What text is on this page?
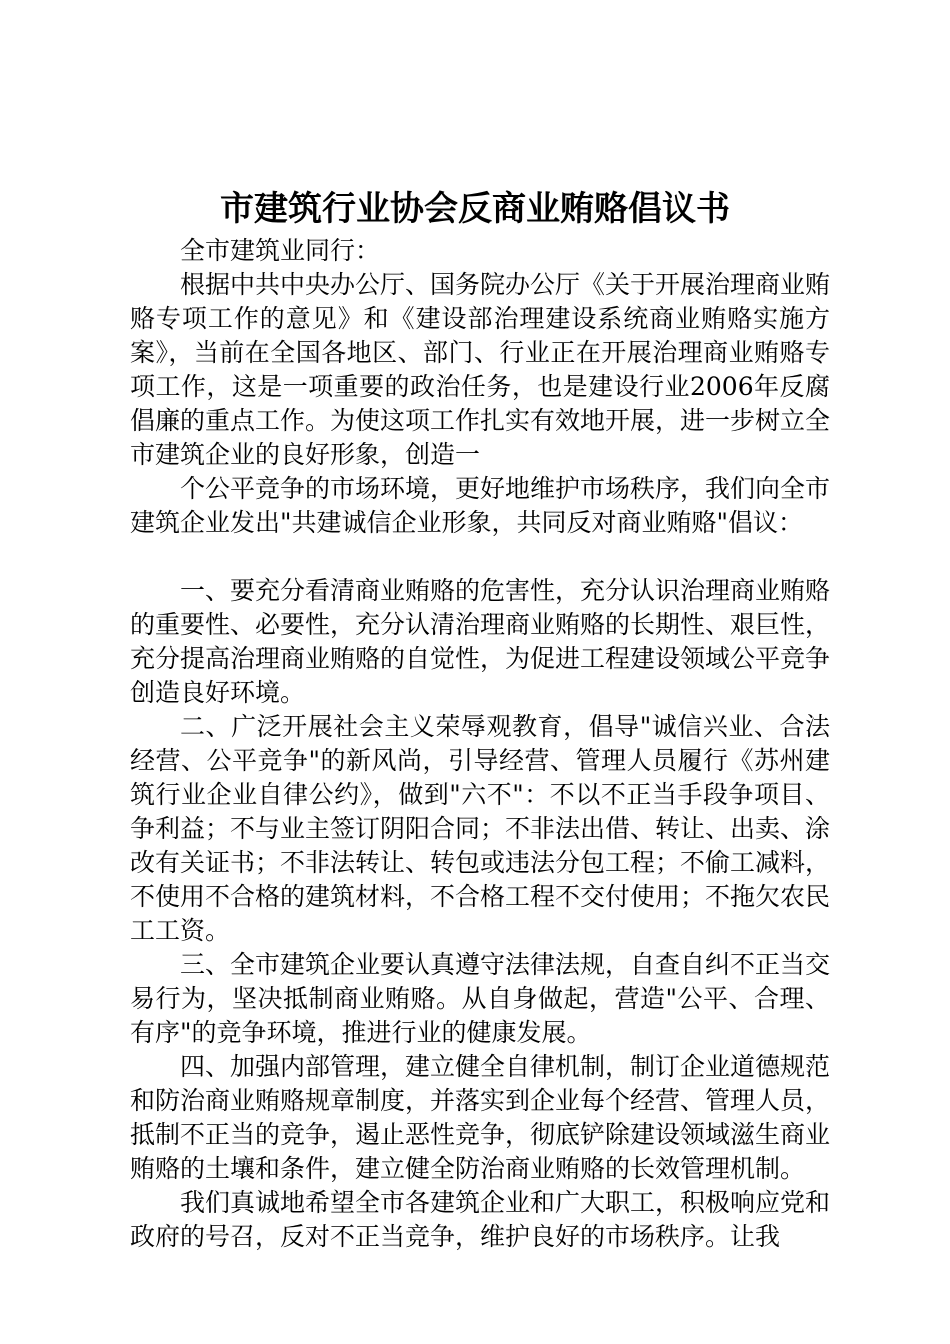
市建筑行业协会反商业贿赂倡议书

全市建筑业同行：

根据中共中央办公厅、国务院办公厅《关于开展治理商业贿赂专项工作的意见》和《建设部治理建设系统商业贿赂实施方案》，当前在全国各地区、部门、行业正在开展治理商业贿赂专项工作，这是一项重要的政治任务，也是建设行业2006年反腐倡廉的重点工作。为使这项工作扎实有效地开展，进一步树立全市建筑企业的良好形象，创造一

个公平竞争的市场环境，更好地维护市场秩序，我们向全市建筑企业发出"共建诚信企业形象，共同反对商业贿赂"倡议：

一、要充分看清商业贿赂的危害性，充分认识治理商业贿赂的重要性、必要性，充分认清治理商业贿赂的长期性、艰巨性，充分提高治理商业贿赂的自觉性，为促进工程建设领域公平竞争创造良好环境。

二、广泛开展社会主义荣辱观教育，倡导"诚信兴业、合法经营、公平竞争"的新风尚，引导经营、管理人员履行《苏州建筑行业企业自律公约》，做到"六不"：不以不正当手段争项目、争利益；不与业主签订阴阳合同；不非法出借、转让、出卖、涂改有关证书；不非法转让、转包或违法分包工程；不偷工减料，不使用不合格的建筑材料，不合格工程不交付使用；不拖欠农民工工资。

三、全市建筑企业要认真遵守法律法规，自查自纠不正当交易行为，坚决抵制商业贿赂。从自身做起，营造"公平、合理、有序"的竞争环境，推进行业的健康发展。

四、加强内部管理，建立健全自律机制，制订企业道德规范和防治商业贿赂规章制度，并落实到企业每个经营、管理人员，抵制不正当的竞争，遏止恶性竞争，彻底铲除建设领域滋生商业贿赂的土壤和条件，建立健全防治商业贿赂的长效管理机制。

我们真诚地希望全市各建筑企业和广大职工，积极响应党和政府的号召，反对不正当竞争，维护良好的市场秩序。让我
